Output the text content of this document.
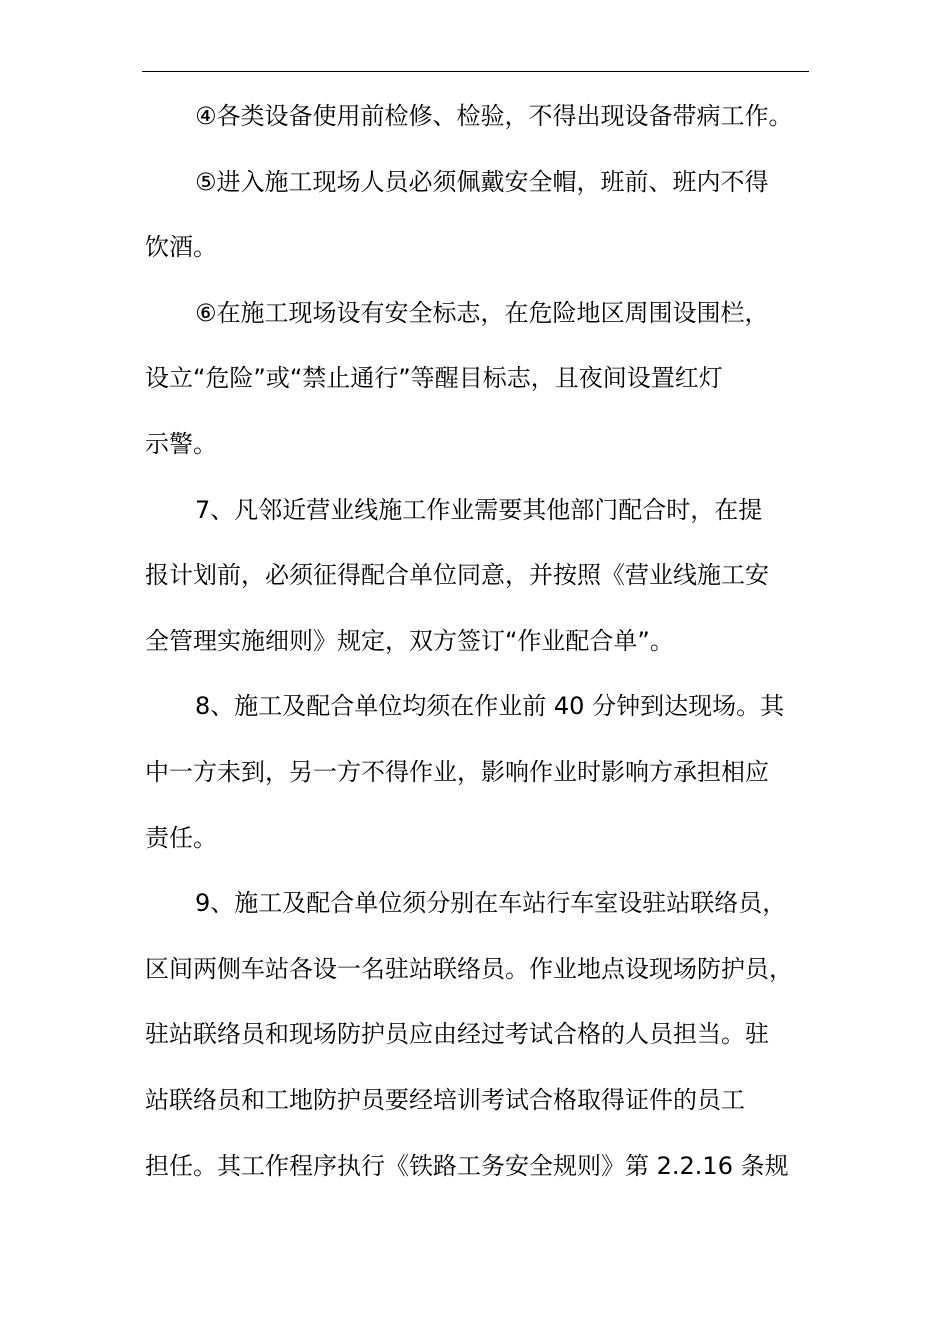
④各类设备使用前检修、检验，不得出现设备带病工作。
⑤进入施工现场人员必须佩戴安全帽，班前、班内不得
饮酒。
⑥在施工现场设有安全标志，在危险地区周围设围栏，
设立“危险”或“禁止通行”等醒目标志，且夜间设置红灯
示警。
7、凡邻近营业线施工作业需要其他部门配合时，在提
报计划前，必须征得配合单位同意，并按照《营业线施工安
全管理实施细则》规定，双方签订“作业配合单”。
8、施工及配合单位均须在作业前 40 分钟到达现场。其
中一方未到，另一方不得作业，影响作业时影响方承担相应
责任。
9、施工及配合单位须分别在车站行车室设驻站联络员，
区间两侧车站各设一名驻站联络员。作业地点设现场防护员，
驻站联络员和现场防护员应由经过考试合格的人员担当。驻
站联络员和工地防护员要经培训考试合格取得证件的员工
担任。其工作程序执行《铁路工务安全规则》第 2.2.16 条规
